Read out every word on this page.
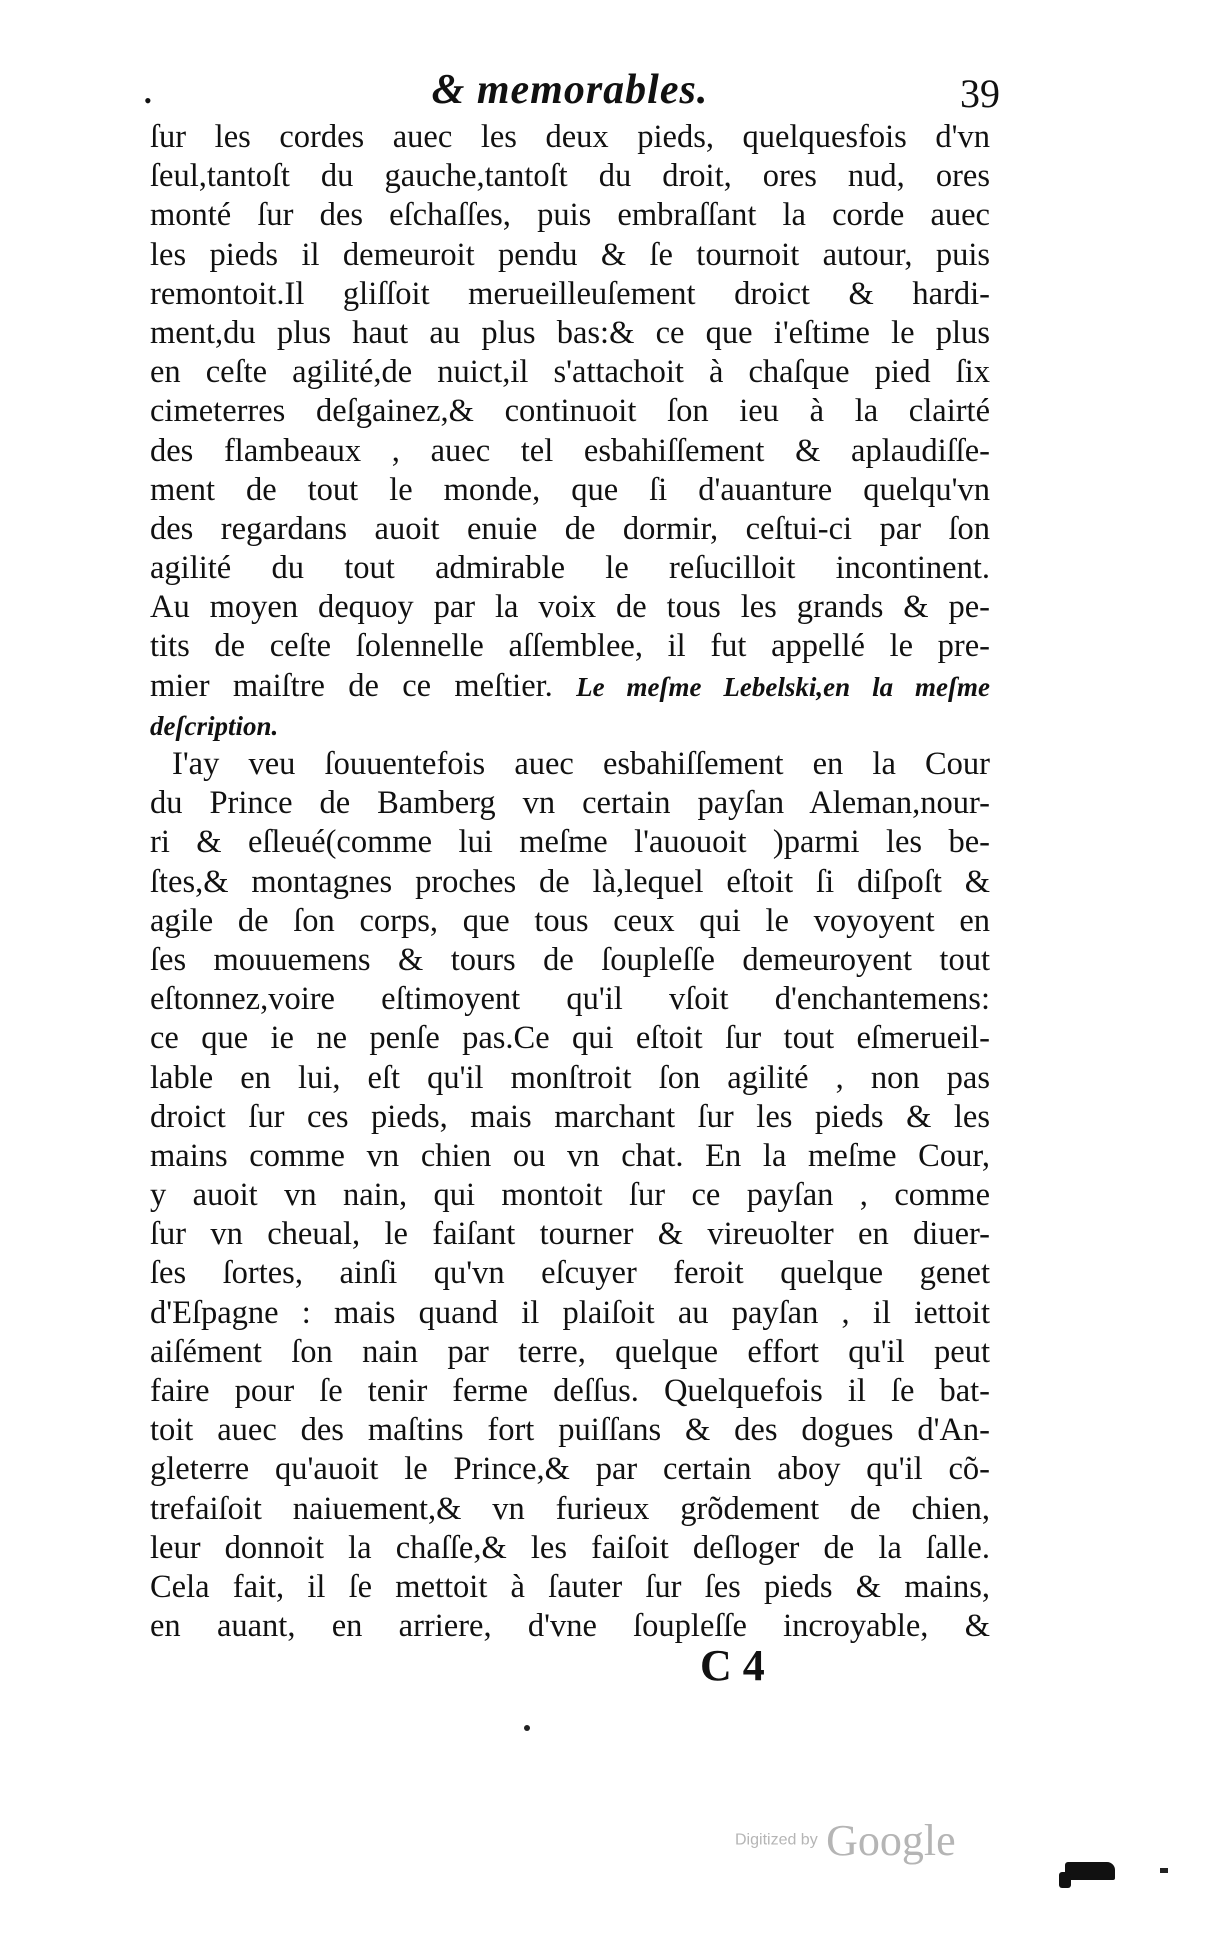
•	& memorables.	39
ſur les cordes auec les deux pieds, quelquesfois d'vn
ſeul,tantoſt du gauche,tantoſt du droit, ores nud, ores
monté ſur des eſchaſſes, puis embraſſant la corde auec
les pieds il demeuroit pendu & ſe tournoit autour, puis
remontoit.Il gliſſoit merueilleuſement droict & hardi-
ment,du plus haut au plus bas:& ce que i'eſtime le plus
en ceſte agilité,de nuict,il s'attachoit à chaſque pied ſix
cimeterres deſgainez,& continuoit ſon ieu à la clairté
des flambeaux , auec tel esbahiſſement & aplaudiſſe-
ment de tout le monde, que ſi d'auanture quelqu'vn
des regardans auoit enuie de dormir, ceſtui-ci par ſon
agilité du tout admirable le reſucilloit incontinent.
Au moyen dequoy par la voix de tous les grands & pe-
tits de ceſte ſolennelle aſſemblee, il fut appellé le pre-
mier maiſtre de ce meſtier. Le meſme Lebelski,en la meſme
deſcription.
I'ay veu ſouuentefois auec esbahiſſement en la Cour
du Prince de Bamberg vn certain payſan Aleman,nour-
ri & eſleué(comme lui meſme l'auouoit )parmi les be-
ſtes,& montagnes proches de là,lequel eſtoit ſi diſpoſt &
agile de ſon corps, que tous ceux qui le voyoyent en
ſes mouuemens & tours de ſoupleſſe demeuroyent tout
eſtonnez,voire eſtimoyent qu'il vſoit d'enchantemens:
ce que ie ne penſe pas.Ce qui eſtoit ſur tout eſmerueil-
lable en lui, eſt qu'il monſtroit ſon agilité , non pas
droict ſur ces pieds, mais marchant ſur les pieds & les
mains comme vn chien ou vn chat. En la meſme Cour,
y auoit vn nain, qui montoit ſur ce payſan , comme
ſur vn cheual, le faiſant tourner & vireuolter en diuer-
ſes ſortes, ainſi qu'vn eſcuyer feroit quelque genet
d'Eſpagne : mais quand il plaiſoit au payſan , il iettoit
aiſément ſon nain par terre, quelque effort qu'il peut
faire pour ſe tenir ferme deſſus. Quelquefois il ſe bat-
toit auec des maſtins fort puiſſans & des dogues d'An-
gleterre qu'auoit le Prince,& par certain aboy qu'il cõ-
trefaiſoit naiuement,& vn furieux grõdement de chien,
leur donnoit la chaſſe,& les faiſoit deſloger de la ſalle.
Cela fait, il ſe mettoit à ſauter ſur ſes pieds & mains,
en auant, en arriere, d'vne ſoupleſſe incroyable, &
C 4
Digitized by Google
